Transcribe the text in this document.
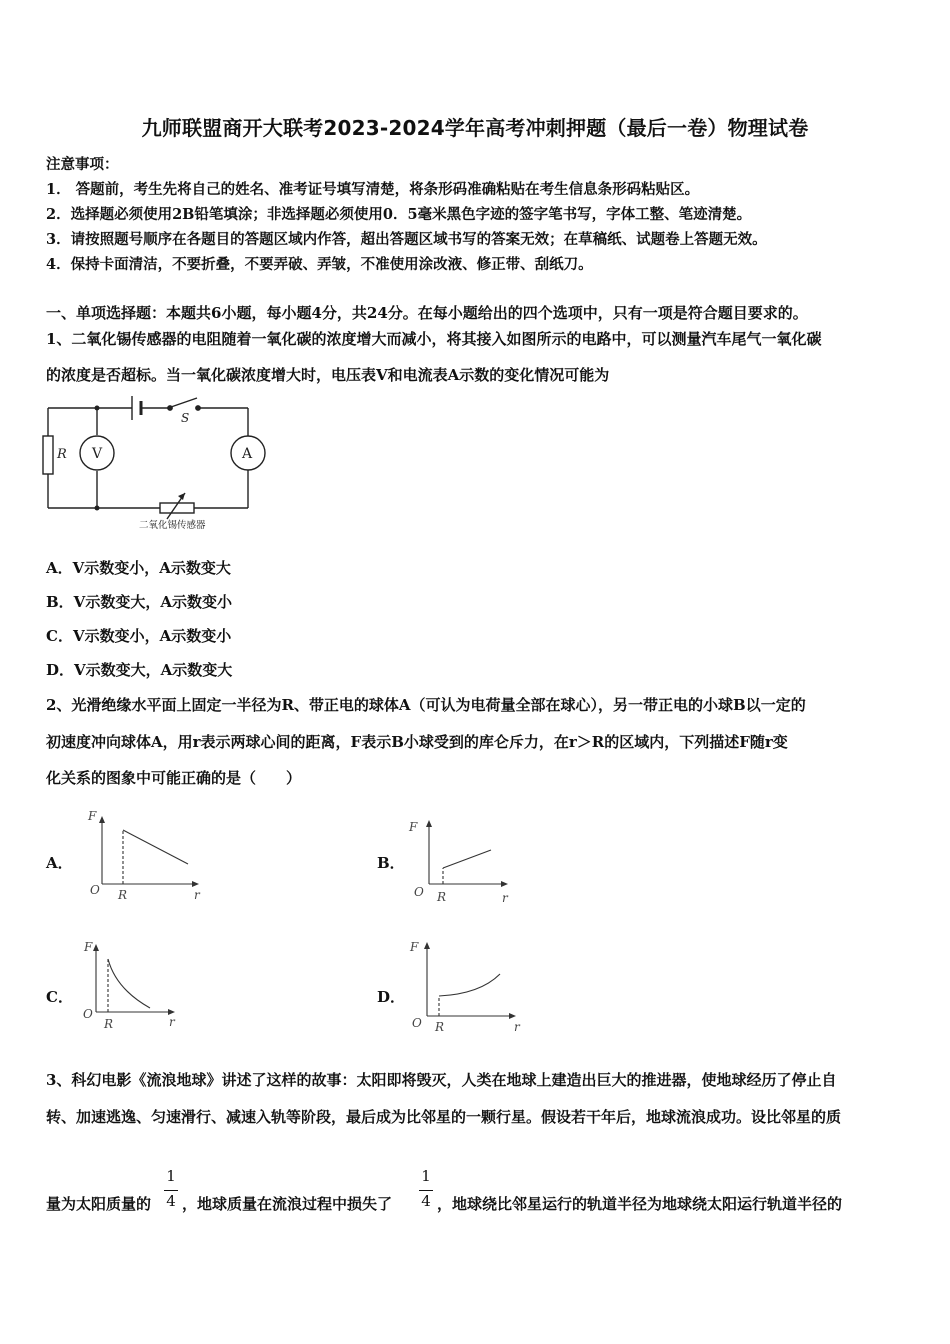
九师联盟商开大联考2023-2024学年高考冲刺押题（最后一卷）物理试卷
注意事项：
1． 答题前，考生先将自己的姓名、准考证号填写清楚，将条形码准确粘贴在考生信息条形码粘贴区。
2．选择题必须使用2B铅笔填涂；非选择题必须使用0．5毫米黑色字迹的签字笔书写，字体工整、笔迹清楚。
3．请按照题号顺序在各题目的答题区域内作答，超出答题区域书写的答案无效；在草稿纸、试题卷上答题无效。
4．保持卡面清洁，不要折叠，不要弄破、弄皱，不准使用涂改液、修正带、刮纸刀。
一、单项选择题：本题共6小题，每小题4分，共24分。在每小题给出的四个选项中，只有一项是符合题目要求的。
1、二氧化锡传感器的电阻随着一氧化碳的浓度增大而减小，将其接入如图所示的电路中，可以测量汽车尾气一氧化碳
的浓度是否超标。当一氧化碳浓度增大时，电压表V和电流表A示数的变化情况可能为
S
R V	A
二氧化锡传感器
A．V示数变小，A示数变大
B．V示数变大，A示数变小
C．V示数变小，A示数变小
D．V示数变大，A示数变大
2、光滑绝缘水平面上固定一半径为R、带正电的球体A（可认为电荷量全部在球心），另一带正电的小球B以一定的
初速度冲向球体A，用r表示两球心间的距离，F表示B小球受到的库仑斥力，在r＞R的区域内，下列描述F随r变
化关系的图象中可能正确的是（　　）
A．
F
O R	r
B．
F
O R	r
C．
F
O
R	r
D．
F
O R	r
3、科幻电影《流浪地球》讲述了这样的故事：太阳即将毁灭，人类在地球上建造出巨大的推进器，使地球经历了停止自
转、加速逃逸、匀速滑行、减速入轨等阶段，最后成为比邻星的一颗行星。假设若干年后，地球流浪成功。设比邻星的质
量为太阳质量的
1
4 ，地球质量在流浪过程中损失了
1
4 ，地球绕比邻星运行的轨道半径为地球绕太阳运行轨道半径的
